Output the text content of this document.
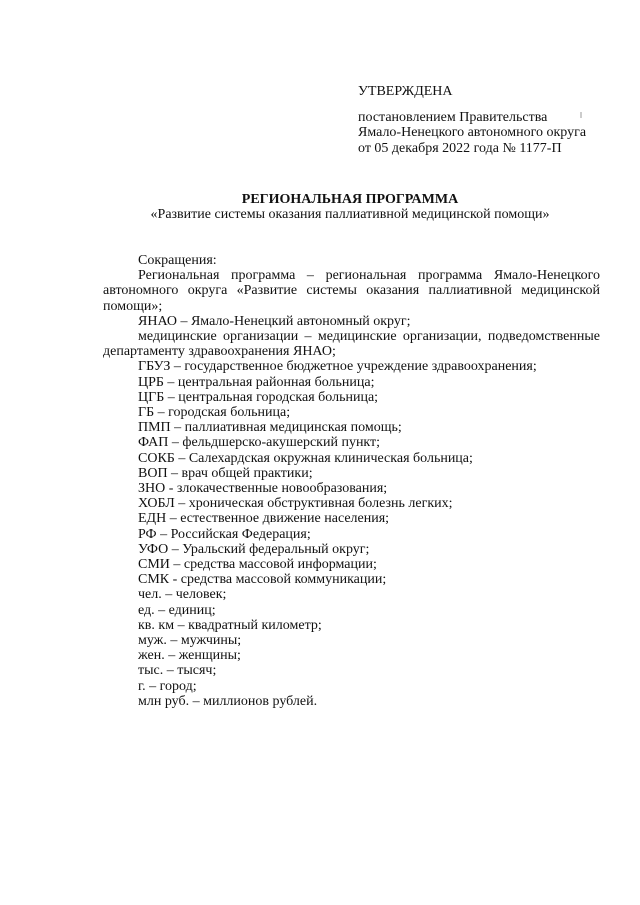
УТВЕРЖДЕНА
постановлением Правительства
Ямало-Ненецкого автономного округа
от 05 декабря 2022 года № 1177-П
РЕГИОНАЛЬНАЯ ПРОГРАММА
«Развитие системы оказания паллиативной медицинской помощи»
Сокращения:
Региональная программа – региональная программа Ямало-Ненецкого автономного округа «Развитие системы оказания паллиативной медицинской помощи»;
ЯНАО – Ямало-Ненецкий автономный округ;
медицинские организации – медицинские организации, подведомственные департаменту здравоохранения ЯНАО;
ГБУЗ – государственное бюджетное учреждение здравоохранения;
ЦРБ – центральная районная больница;
ЦГБ – центральная городская больница;
ГБ – городская больница;
ПМП – паллиативная медицинская помощь;
ФАП – фельдшерско-акушерский пункт;
СОКБ – Салехардская окружная клиническая больница;
ВОП – врач общей практики;
ЗНО - злокачественные новообразования;
ХОБЛ – хроническая обструктивная болезнь легких;
ЕДН – естественное движение населения;
РФ – Российская Федерация;
УФО – Уральский федеральный округ;
СМИ – средства массовой информации;
СМК - средства массовой коммуникации;
чел. – человек;
ед. – единиц;
кв. км – квадратный километр;
муж. – мужчины;
жен. – женщины;
тыс. – тысяч;
г. – город;
млн руб. – миллионов рублей.
